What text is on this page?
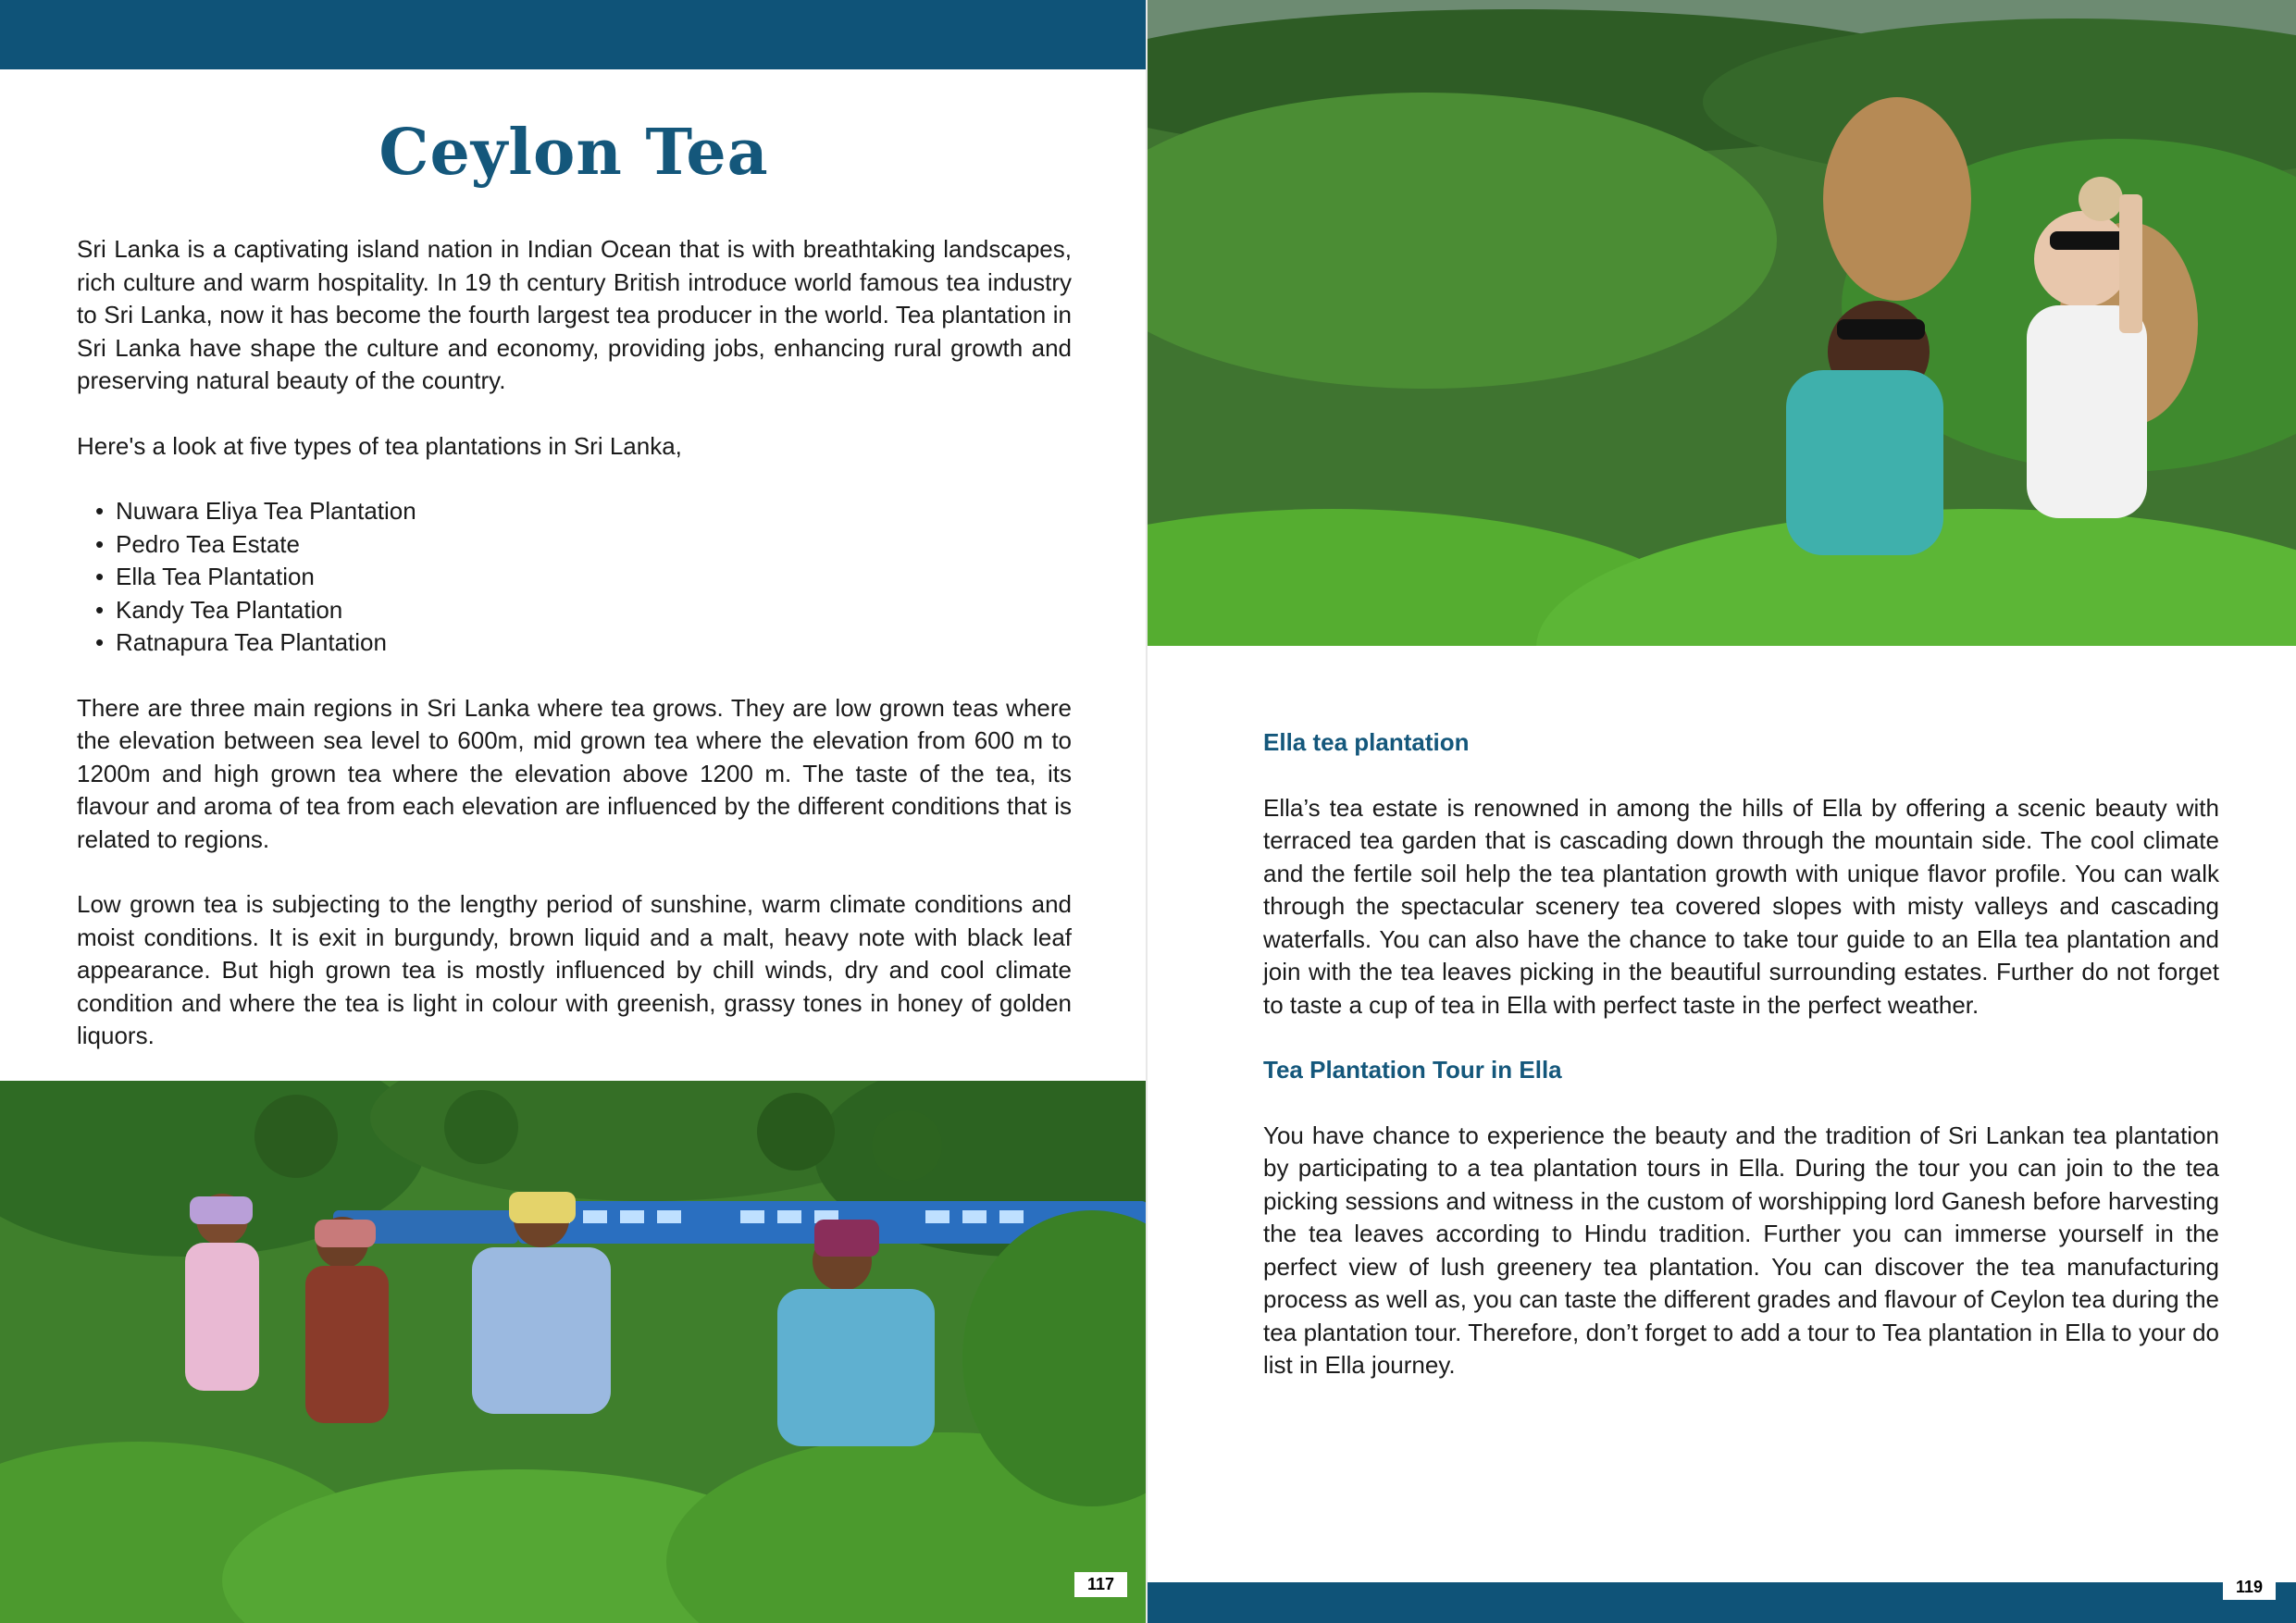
Ceylon Tea

Sri Lanka is a captivating island nation in Indian Ocean that is with breathtaking landscapes, rich culture and warm hospitality. In 19 th century British introduce world famous tea industry to Sri Lanka, now it has become the fourth largest tea producer in the world. Tea plantation in Sri Lanka have shape the culture and economy, providing jobs, enhancing rural growth and preserving natural beauty of the country.

Here's a look at five types of tea plantations in Sri Lanka,

• Nuwara Eliya Tea Plantation
• Pedro Tea Estate
• Ella Tea Plantation
• Kandy Tea Plantation
• Ratnapura Tea Plantation

There are three main regions in Sri Lanka where tea grows. They are low grown teas where the elevation between sea level to 600m, mid grown tea where the elevation from 600 m to 1200m and high grown tea where the elevation above 1200 m. The taste of the tea, its flavour and aroma of tea from each elevation are influenced by the different conditions that is related to regions.

Low grown tea is subjecting to the lengthy period of sunshine, warm climate conditions and moist conditions. It is exit in burgundy, brown liquid and a malt, heavy note with black leaf appearance. But high grown tea is mostly influenced by chill winds, dry and cool climate condition and where the tea is light in colour with greenish, grassy tones in honey of golden liquors.

117
Ella tea plantation

Ella’s tea estate is renowned in among the hills of Ella by offering a scenic beauty with terraced tea garden that is cascading down through the mountain side. The cool climate and the fertile soil help the tea plantation growth with unique flavor profile. You can walk through the spectacular scenery tea covered slopes with misty valleys and cascading waterfalls. You can also have the chance to take tour guide to an Ella tea plantation and join with the tea leaves picking in the beautiful surrounding estates. Further do not forget to taste a cup of tea in Ella with perfect taste in the perfect weather.

Tea Plantation Tour in Ella

You have chance to experience the beauty and the tradition of Sri Lankan tea plantation by participating to a tea plantation tours in Ella. During the tour you can join to the tea picking sessions and witness in the custom of worshipping lord Ganesh before harvesting the tea leaves according to Hindu tradition. Further you can immerse yourself in the perfect view of lush greenery tea plantation. You can discover the tea manufacturing process as well as, you can taste the different grades and flavour of Ceylon tea during the tea plantation tour. Therefore, don’t forget to add a tour to Tea plantation in Ella to your do list in Ella journey.

119
